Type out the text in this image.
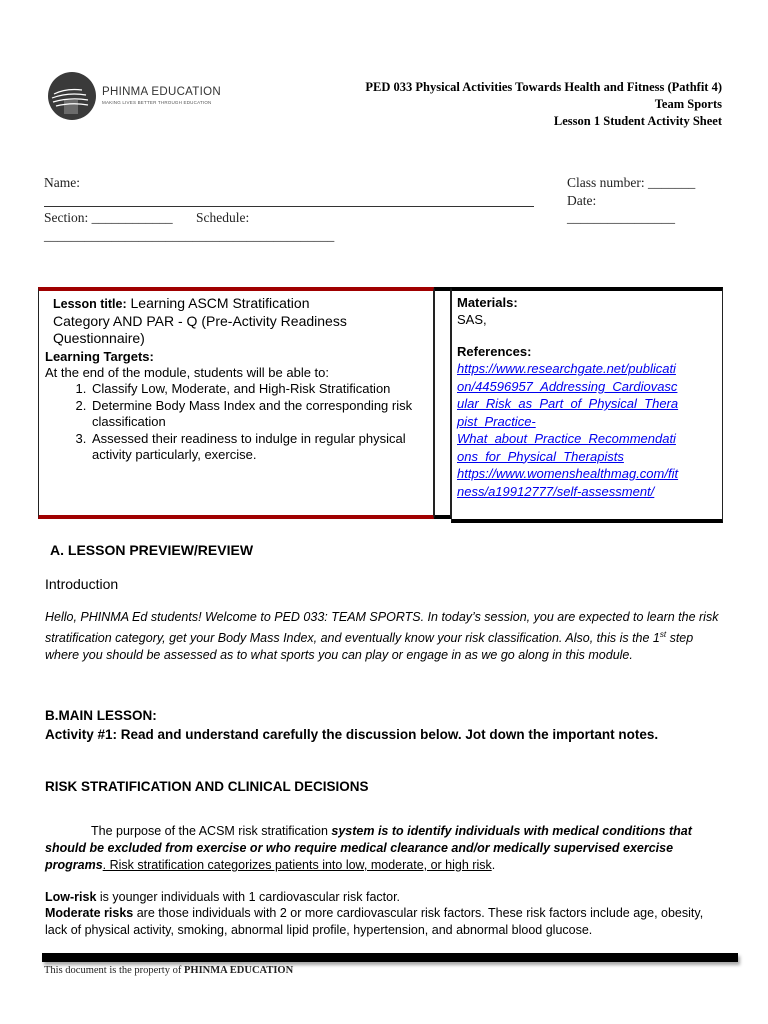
PHINMA EDUCATION
MAKING LIVES BETTER THROUGH EDUCATION
PED 033 Physical Activities Towards Health and Fitness (Pathfit 4)
Team Sports
Lesson 1 Student Activity Sheet
Name:	Class number: _______
Date:
________________
Section: ____________ Schedule:
___________________________________________
Lesson title: Learning ASCM Stratification
Category AND PAR - Q (Pre-Activity Readiness
Questionnaire)
Learning Targets:
At the end of the module, students will be able to:
1. Classify Low, Moderate, and High-Risk Stratification
2. Determine Body Mass Index and the corresponding risk classification
3. Assessed their readiness to indulge in regular physical activity particularly, exercise.
Materials:
SAS,
References:
https://www.researchgate.net/publicati
on/44596957_Addressing_Cardiovasc
ular_Risk_as_Part_of_Physical_Thera
pist_Practice-
What_about_Practice_Recommendati
ons_for_Physical_Therapists
https://www.womenshealthmag.com/fit
ness/a19912777/self-assessment/
A. LESSON PREVIEW/REVIEW
Introduction
Hello, PHINMA Ed students! Welcome to PED 033: TEAM SPORTS. In today’s session, you are expected to learn the risk stratification category, get your Body Mass Index, and eventually know your risk classification. Also, this is the 1st step where you should be assessed as to what sports you can play or engage in as we go along in this module.
B.MAIN LESSON:
Activity #1: Read and understand carefully the discussion below. Jot down the important notes.
RISK STRATIFICATION AND CLINICAL DECISIONS
The purpose of the ACSM risk stratification system is to identify individuals with medical conditions that should be excluded from exercise or who require medical clearance and/or medically supervised exercise programs. Risk stratification categorizes patients into low, moderate, or high risk.
Low-risk is younger individuals with 1 cardiovascular risk factor.
Moderate risks are those individuals with 2 or more cardiovascular risk factors. These risk factors include age, obesity, lack of physical activity, smoking, abnormal lipid profile, hypertension, and abnormal blood glucose.
This document is the property of PHINMA EDUCATION
